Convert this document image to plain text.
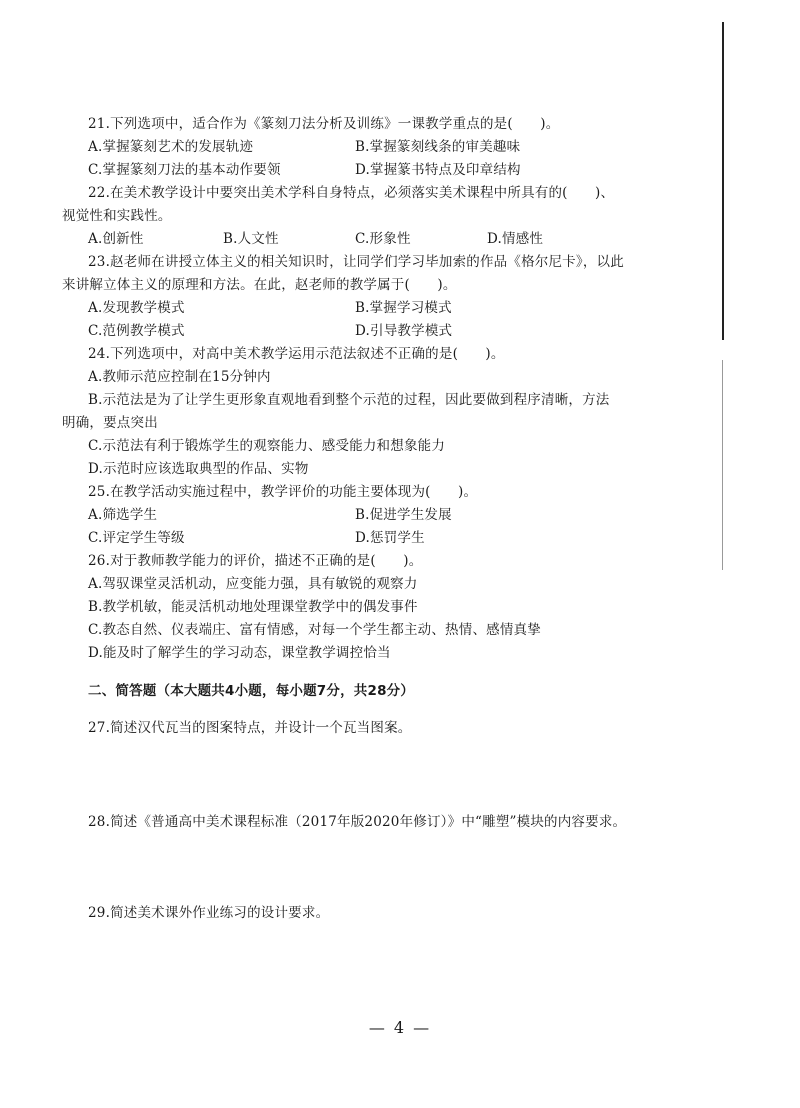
21.下列选项中，适合作为《篆刻刀法分析及训练》一课教学重点的是(　　)。
A.掌握篆刻艺术的发展轨迹	B.掌握篆刻线条的审美趣味
C.掌握篆刻刀法的基本动作要领	D.掌握篆书特点及印章结构
22.在美术教学设计中要突出美术学科自身特点，必须落实美术课程中所具有的(　　)、
视觉性和实践性。
A.创新性	B.人文性	C.形象性	D.情感性
23.赵老师在讲授立体主义的相关知识时，让同学们学习毕加索的作品《格尔尼卡》，以此
来讲解立体主义的原理和方法。在此，赵老师的教学属于(　　)。
A.发现教学模式	B.掌握学习模式
C.范例教学模式	D.引导教学模式
24.下列选项中，对高中美术教学运用示范法叙述不正确的是(　　)。
A.教师示范应控制在15分钟内
B.示范法是为了让学生更形象直观地看到整个示范的过程，因此要做到程序清晰，方法
明确，要点突出
C.示范法有利于锻炼学生的观察能力、感受能力和想象能力
D.示范时应该选取典型的作品、实物
25.在教学活动实施过程中，教学评价的功能主要体现为(　　)。
A.筛选学生	B.促进学生发展
C.评定学生等级	D.惩罚学生
26.对于教师教学能力的评价，描述不正确的是(　　)。
A.驾驭课堂灵活机动，应变能力强，具有敏锐的观察力
B.教学机敏，能灵活机动地处理课堂教学中的偶发事件
C.教态自然、仪表端庄、富有情感，对每一个学生都主动、热情、感情真挚
D.能及时了解学生的学习动态，课堂教学调控恰当
二、简答题（本大题共4小题，每小题7分，共28分）
27.简述汉代瓦当的图案特点，并设计一个瓦当图案。
28.简述《普通高中美术课程标准（2017年版2020年修订）》中“雕塑”模块的内容要求。
29.简述美术课外作业练习的设计要求。
— 4 —
